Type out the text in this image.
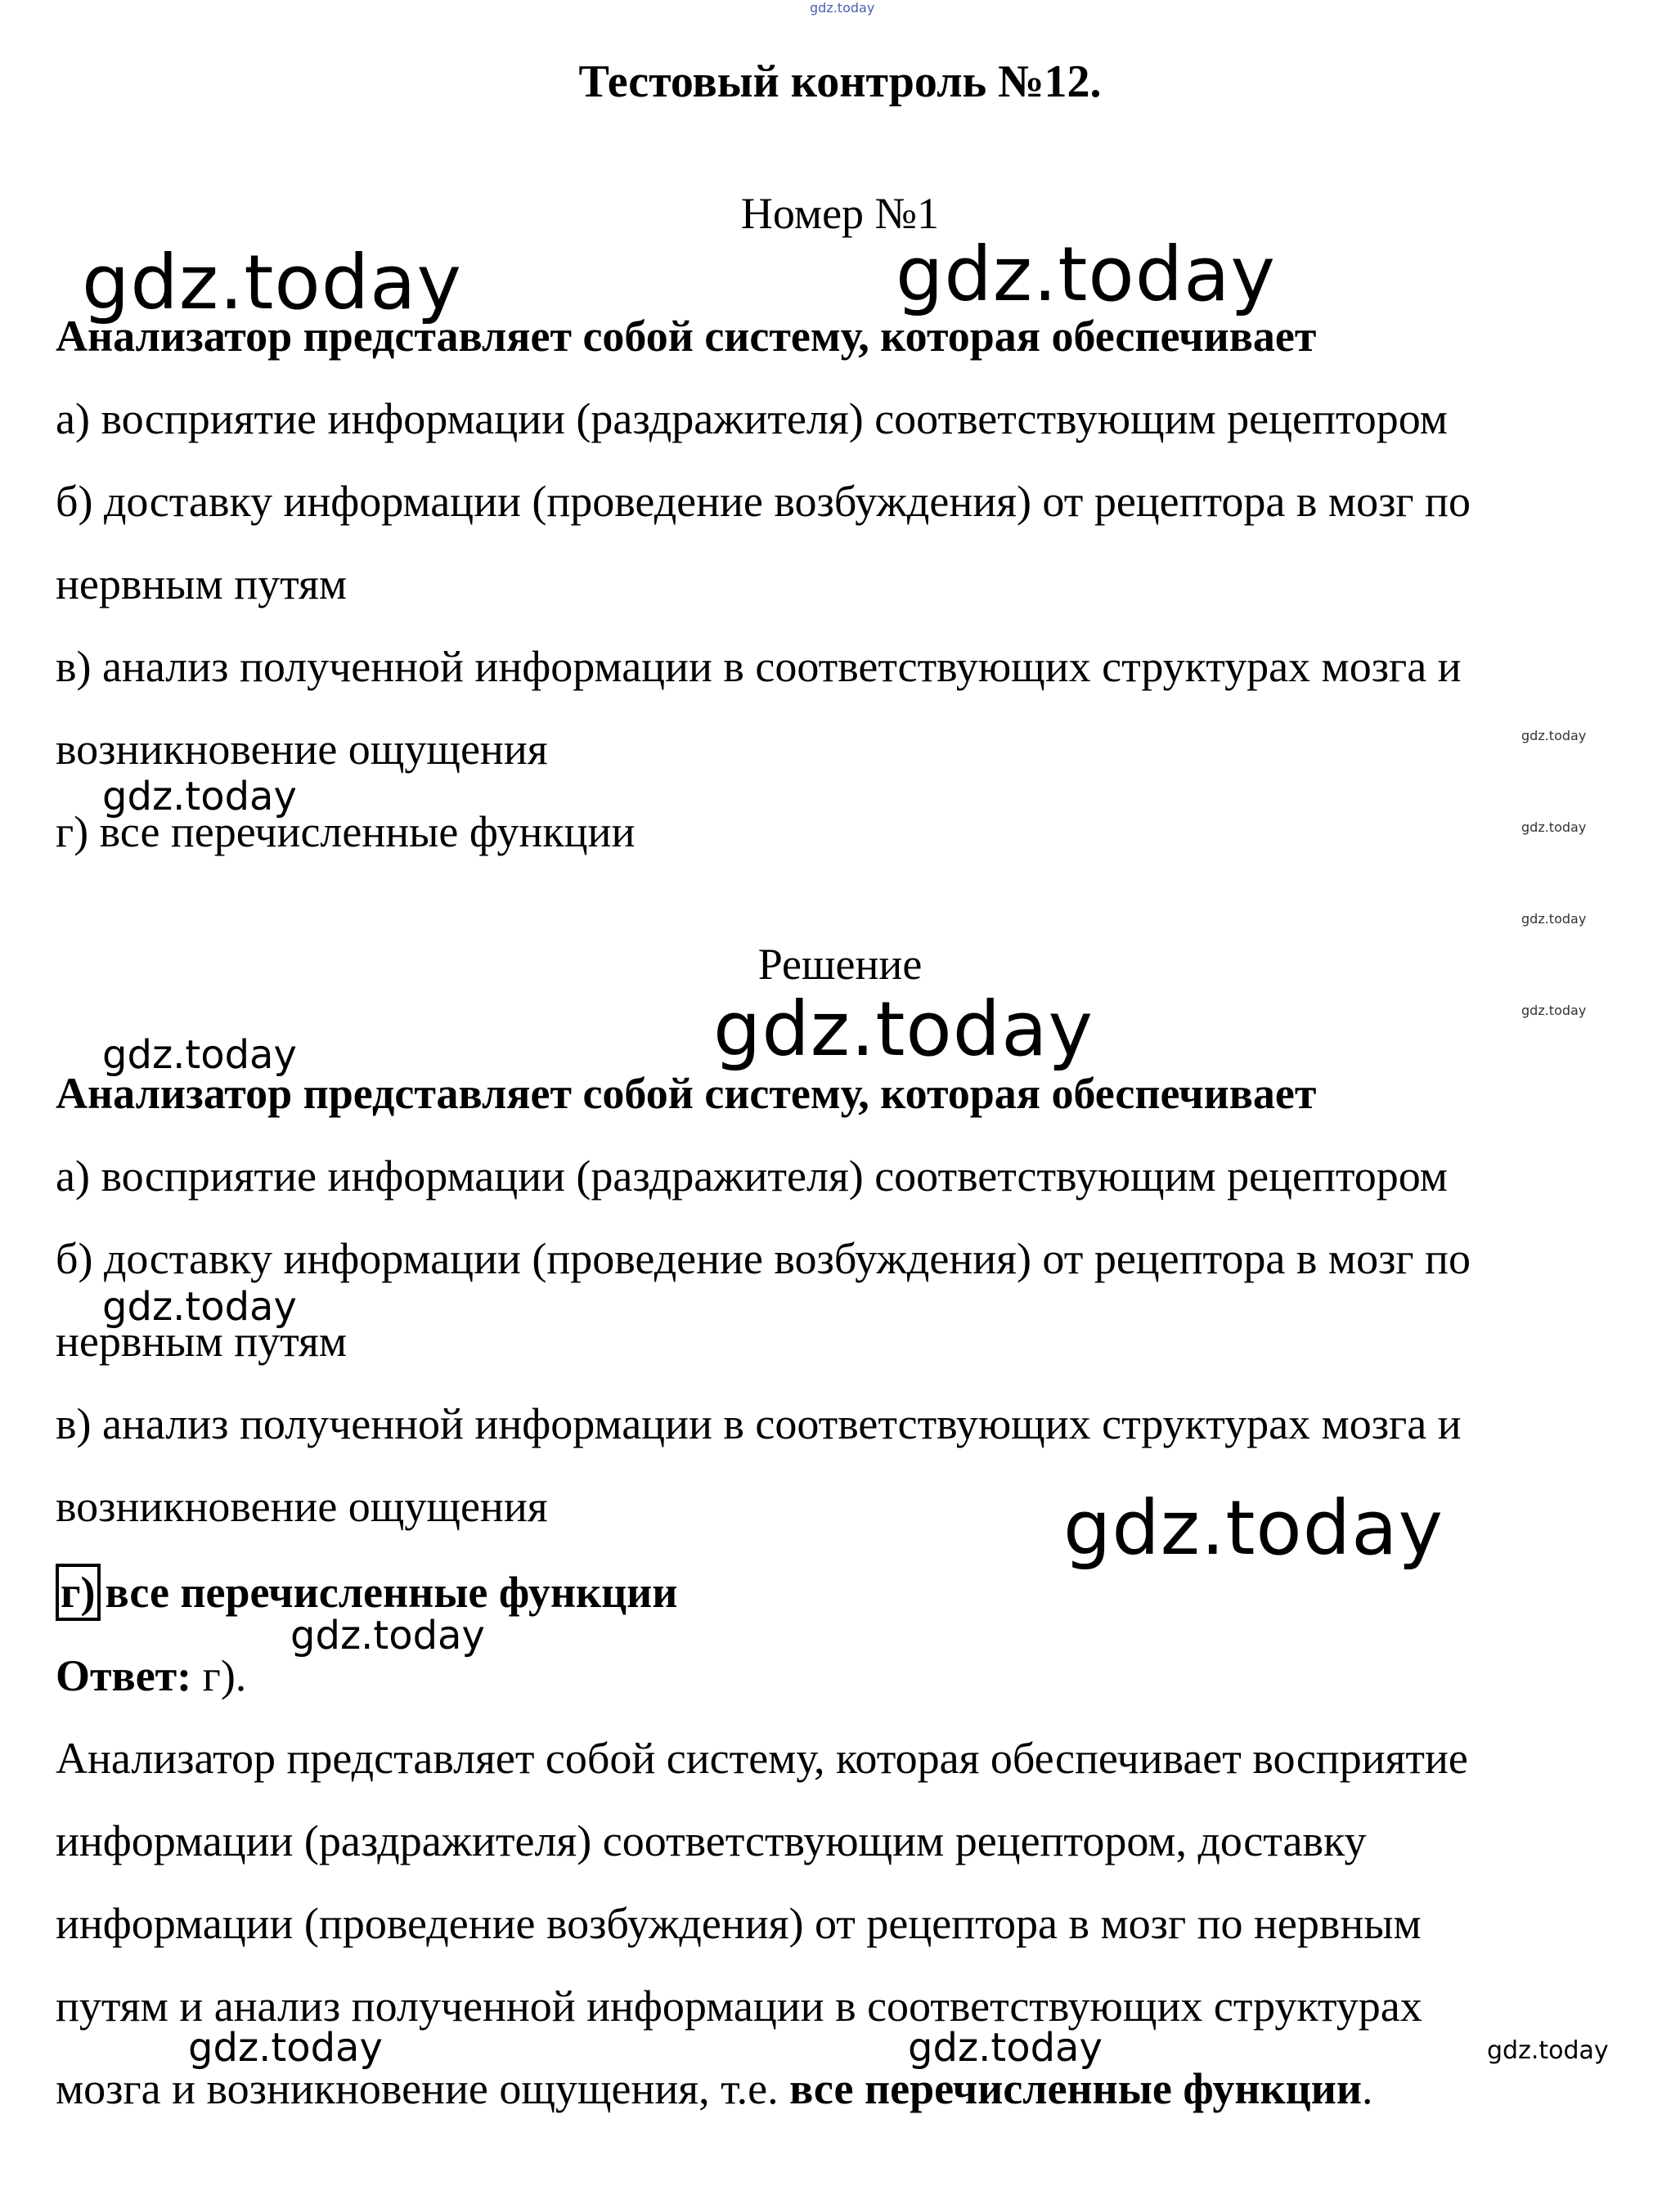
Тестовый контроль №12.
Номер №1
Анализатор представляет собой систему, которая обеспечивает
а) восприятие информации (раздражителя) соответствующим рецептором
б) доставку информации (проведение возбуждения) от рецептора в мозг по
нервным путям
в) анализ полученной информации в соответствующих структурах мозга и
возникновение ощущения
г) все перечисленные функции
Решение
Анализатор представляет собой систему, которая обеспечивает
а) восприятие информации (раздражителя) соответствующим рецептором
б) доставку информации (проведение возбуждения) от рецептора в мозг по
нервным путям
в) анализ полученной информации в соответствующих структурах мозга и
возникновение ощущения
г) все перечисленные функции
Ответ: г).
Анализатор представляет собой систему, которая обеспечивает восприятие
информации (раздражителя) соответствующим рецептором, доставку
информации (проведение возбуждения) от рецептора в мозг по нервным
путям и анализ полученной информации в соответствующих структурах
мозга и возникновение ощущения, т.е. все перечисленные функции.
gdz.today
gdz.today	gdz.today
gdz.today
gdz.today
gdz.today
gdz.today
gdz.today
gdz.today
gdz.today
gdz.today
gdz.today
gdz.today
gdz.today	gdz.today	gdz.today
